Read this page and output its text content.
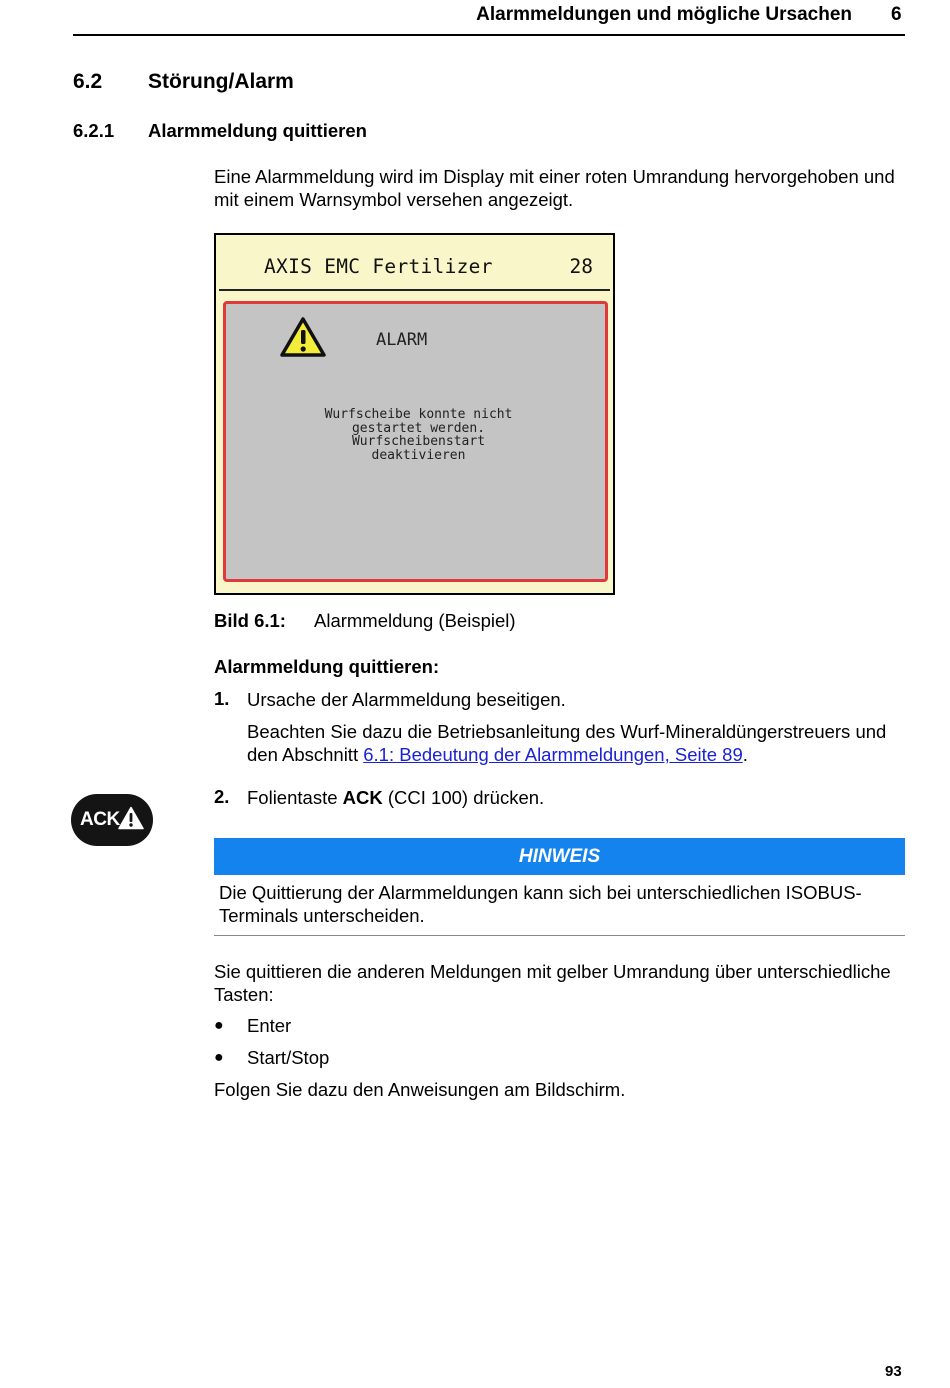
Alarmmeldungen und mögliche Ursachen 6
6.2 Störung/Alarm
6.2.1 Alarmmeldung quittieren
Eine Alarmmeldung wird im Display mit einer roten Umrandung hervorgehoben und mit einem Warnsymbol versehen angezeigt.
AXIS EMC Fertilizer	28
ALARM
Wurfscheibe konnte nicht
gestartet werden.
Wurfscheibenstart
deaktivieren
Bild 6.1: Alarmmeldung (Beispiel)
Alarmmeldung quittieren:
1. Ursache der Alarmmeldung beseitigen.
Beachten Sie dazu die Betriebsanleitung des Wurf-Mineraldüngerstreuers und den Abschnitt 6.1: Bedeutung der Alarmmeldungen, Seite 89.
ACK
2. Folientaste ACK (CCI 100) drücken.
HINWEIS
Die Quittierung der Alarmmeldungen kann sich bei unterschiedlichen ISOBUS-Terminals unterscheiden.
Sie quittieren die anderen Meldungen mit gelber Umrandung über unterschiedliche Tasten:
● Enter
● Start/Stop
Folgen Sie dazu den Anweisungen am Bildschirm.
93
